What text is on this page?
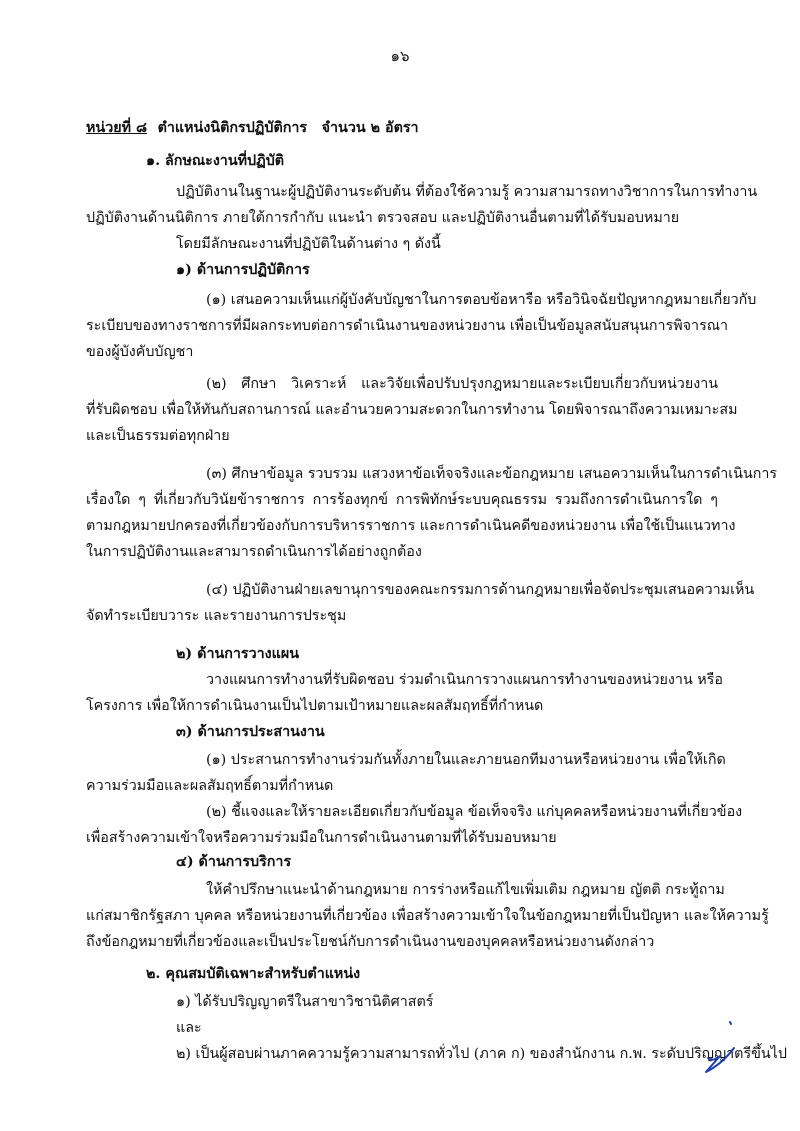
๑๖
หน่วยที่ ๘ ตำแหน่งนิติกรปฏิบัติการ จำนวน ๒ อัตรา
๑. ลักษณะงานที่ปฏิบัติ
ปฏิบัติงานในฐานะผู้ปฏิบัติงานระดับต้น ที่ต้องใช้ความรู้ ความสามารถทางวิชาการในการทำงาน
ปฏิบัติงานด้านนิติการ ภายใต้การกำกับ แนะนำ ตรวจสอบ และปฏิบัติงานอื่นตามที่ได้รับมอบหมาย
โดยมีลักษณะงานที่ปฏิบัติในด้านต่าง ๆ ดังนี้
๑) ด้านการปฏิบัติการ
(๑) เสนอความเห็นแก่ผู้บังคับบัญชาในการตอบข้อหารือ หรือวินิจฉัยปัญหากฎหมายเกี่ยวกับ
ระเบียบของทางราชการที่มีผลกระทบต่อการดำเนินงานของหน่วยงาน เพื่อเป็นข้อมูลสนับสนุนการพิจารณา
ของผู้บังคับบัญชา
(๒) ศึกษา วิเคราะห์ และวิจัยเพื่อปรับปรุงกฎหมายและระเบียบเกี่ยวกับหน่วยงาน
ที่รับผิดชอบ เพื่อให้ทันกับสถานการณ์ และอำนวยความสะดวกในการทำงาน โดยพิจารณาถึงความเหมาะสม
และเป็นธรรมต่อทุกฝ่าย
(๓) ศึกษาข้อมูล รวบรวม แสวงหาข้อเท็จจริงและข้อกฎหมาย เสนอความเห็นในการดำเนินการ
เรื่องใด ๆ ที่เกี่ยวกับวินัยข้าราชการ การร้องทุกข์ การพิทักษ์ระบบคุณธรรม รวมถึงการดำเนินการใด ๆ
ตามกฎหมายปกครองที่เกี่ยวข้องกับการบริหารราชการ และการดำเนินคดีของหน่วยงาน เพื่อใช้เป็นแนวทาง
ในการปฏิบัติงานและสามารถดำเนินการได้อย่างถูกต้อง
(๔) ปฏิบัติงานฝ่ายเลขานุการของคณะกรรมการด้านกฎหมายเพื่อจัดประชุมเสนอความเห็น
จัดทำระเบียบวาระ และรายงานการประชุม
๒) ด้านการวางแผน
วางแผนการทำงานที่รับผิดชอบ ร่วมดำเนินการวางแผนการทำงานของหน่วยงาน หรือ
โครงการ เพื่อให้การดำเนินงานเป็นไปตามเป้าหมายและผลสัมฤทธิ์ที่กำหนด
๓) ด้านการประสานงาน
(๑) ประสานการทำงานร่วมกันทั้งภายในและภายนอกทีมงานหรือหน่วยงาน เพื่อให้เกิด
ความร่วมมือและผลสัมฤทธิ์ตามที่กำหนด
(๒) ชี้แจงและให้รายละเอียดเกี่ยวกับข้อมูล ข้อเท็จจริง แก่บุคคลหรือหน่วยงานที่เกี่ยวข้อง
เพื่อสร้างความเข้าใจหรือความร่วมมือในการดำเนินงานตามที่ได้รับมอบหมาย
๔) ด้านการบริการ
ให้คำปรึกษาแนะนำด้านกฎหมาย การร่างหรือแก้ไขเพิ่มเติม กฎหมาย ญัตติ กระทู้ถาม
แก่สมาชิกรัฐสภา บุคคล หรือหน่วยงานที่เกี่ยวข้อง เพื่อสร้างความเข้าใจในข้อกฎหมายที่เป็นปัญหา และให้ความรู้
ถึงข้อกฎหมายที่เกี่ยวข้องและเป็นประโยชน์กับการดำเนินงานของบุคคลหรือหน่วยงานดังกล่าว
๒. คุณสมบัติเฉพาะสำหรับตำแหน่ง
๑) ได้รับปริญญาตรีในสาขาวิชานิติศาสตร์
และ
๒) เป็นผู้สอบผ่านภาคความรู้ความสามารถทั่วไป (ภาค ก) ของสำนักงาน ก.พ. ระดับปริญญาตรีขึ้นไป
